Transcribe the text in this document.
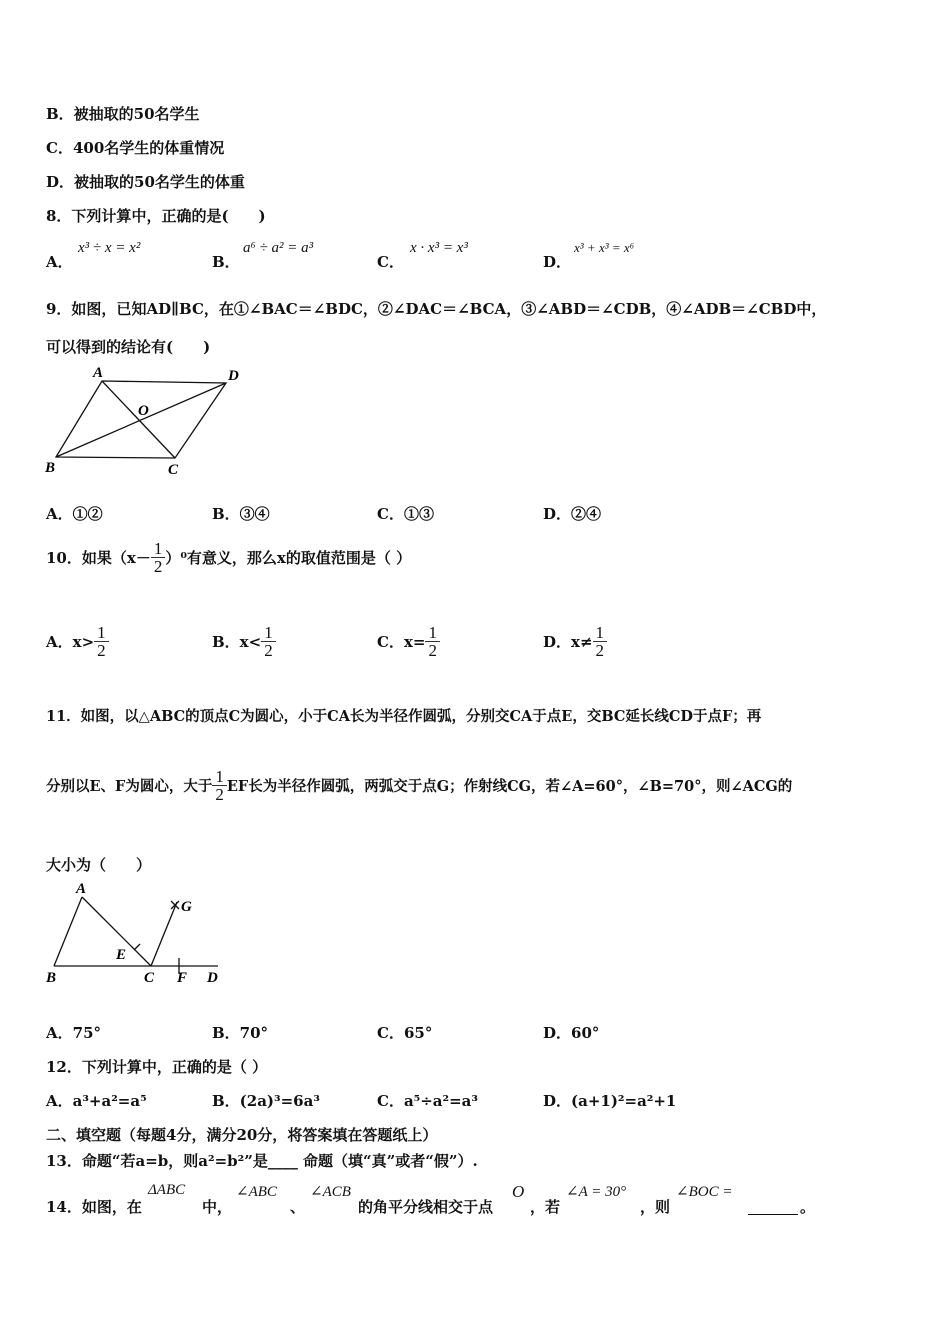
B．被抽取的50名学生
C．400名学生的体重情况
D．被抽取的50名学生的体重
8．下列计算中，正确的是(　　)
A．
x³ ÷ x = x²
B．
a⁶ ÷ a² = a³
C．
x · x³ = x³
D．
x³ + x³ = x⁶
9．如图，已知AD∥BC，在①∠BAC＝∠BDC，②∠DAC＝∠BCA，③∠ABD＝∠CDB，④∠ADB＝∠CBD中，
可以得到的结论有(　　)
A	D
O
B	C
A．①②	B．③④	C．①③	D．②④
10．如果$(x- \frac{1}{2} )^0$有意义，那么x的取值范围是（ ）
A．$x> \frac{1}{2}$	B．$x< \frac{1}{2}$	C．$x= \frac{1}{2}$	D．$x\ne \frac{1}{2}$
11．如图，以△ABC的顶点C为圆心，小于CA长为半径作圆弧，分别交CA于点E，交BC延长线CD于点F；再
分别以E、F为圆心，大于 $\frac{1}{2}$ EF长为半径作圆弧，两弧交于点G；作射线CG，若∠A=60°，∠B=70°，则∠ACG的
大小为（　　）
A
G
E
B	C F D
A．75°	B．70°	C．65°	D．60°
12．下列计算中，正确的是（ ）
A．a³+a²=a⁵	B．(2a)³=6a³	C．a⁵÷a²=a³	D．(a+1)²=a²+1
二、填空题（每题4分，满分20分，将答案填在答题纸上）
13．命题“若a=b，则a²=b²”是____ 命题（填“真”或者“假”）.
14．如图，在
ΔABC
中，
∠ABC
、
∠ACB
的角平分线相交于点
O
，若
∠A = 30°
，则
∠BOC =

。
